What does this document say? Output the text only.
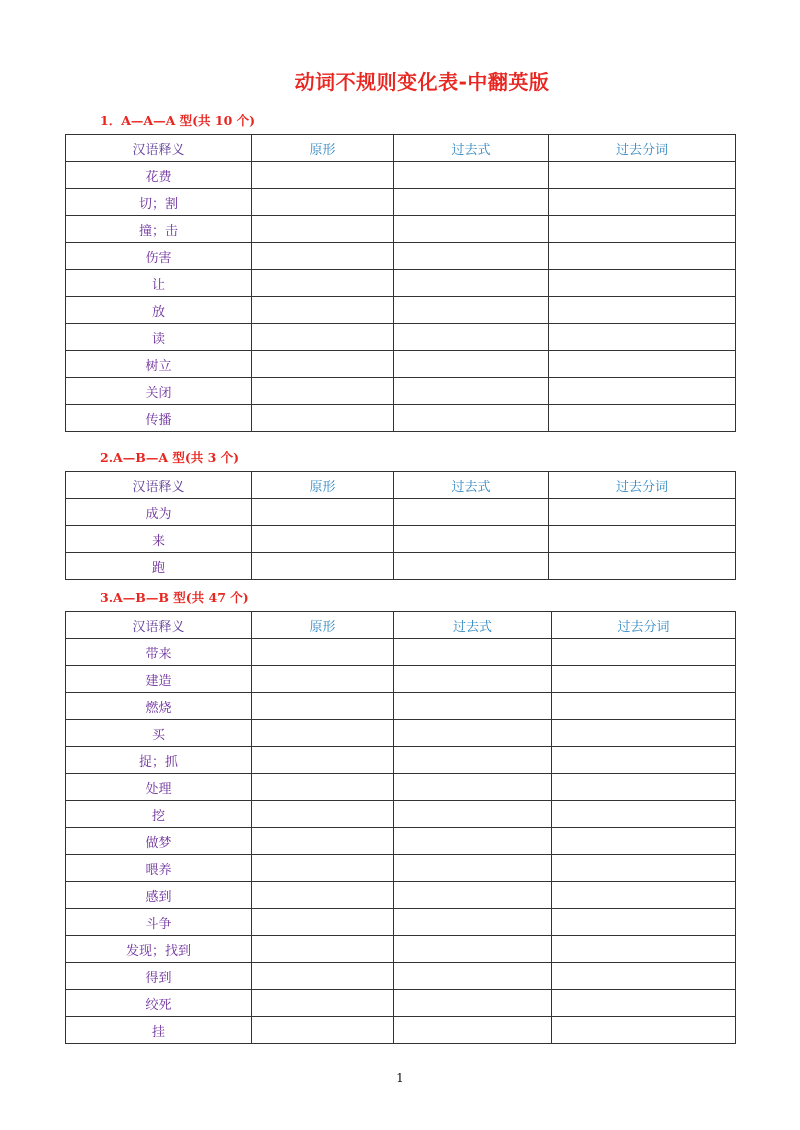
动词不规则变化表-中翻英版
1．A—A—A 型(共 10 个)
汉语释义	原形	过去式	过去分词
花费			
切；割			
撞；击			
伤害			
让			
放			
读			
树立			
关闭			
传播			
2.A—B—A 型(共 3 个)
汉语释义	原形	过去式	过去分词
成为			
来			
跑			
3.A—B—B 型(共 47 个)
汉语释义	原形	过去式	过去分词
带来			
建造			
燃烧			
买			
捉；抓			
处理			
挖			
做梦			
喂养			
感到			
斗争			
发现；找到			
得到			
绞死			
挂			
1
